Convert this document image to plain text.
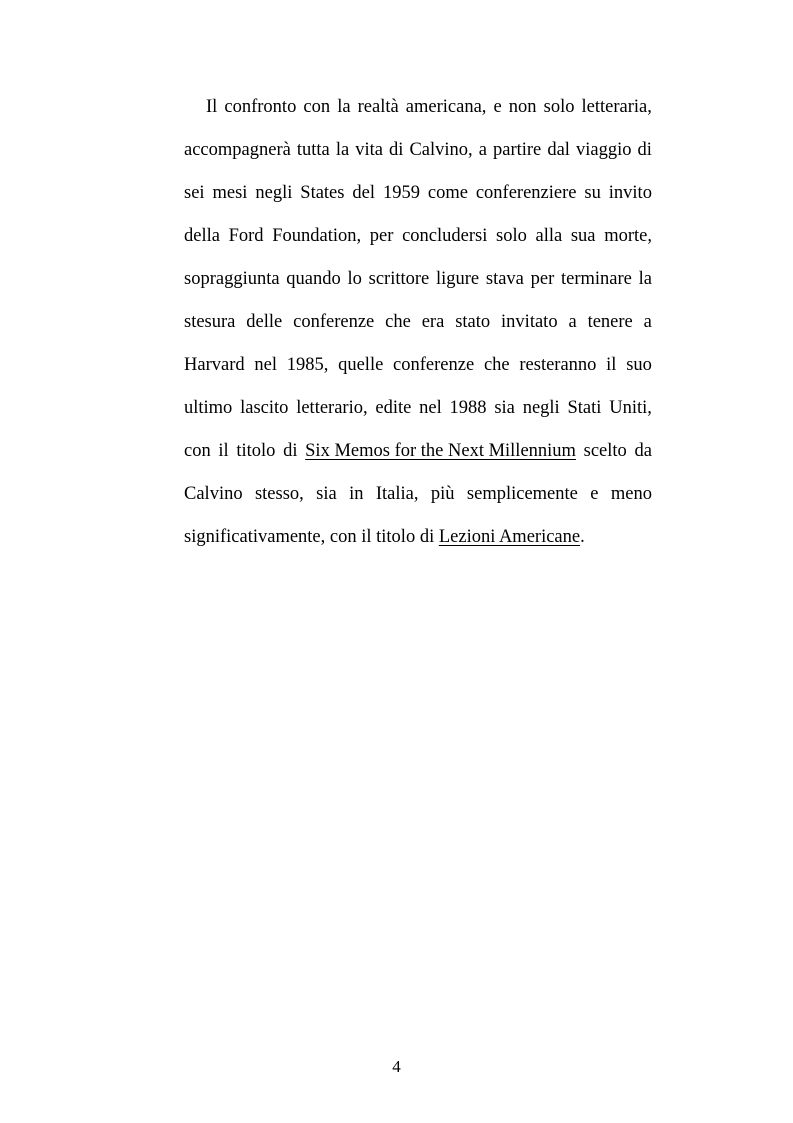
Il confronto con la realtà americana, e non solo letteraria,
accompagnerà tutta la vita di Calvino, a partire dal viaggio di
sei mesi negli States del 1959 come conferenziere su invito
della Ford Foundation, per concludersi solo alla sua morte,
sopraggiunta quando lo scrittore ligure stava per terminare la
stesura delle conferenze che era stato invitato a tenere a
Harvard nel 1985, quelle conferenze che resteranno il suo
ultimo lascito letterario, edite nel 1988 sia negli Stati Uniti,
con il titolo di Six Memos for the Next Millennium scelto da
Calvino stesso, sia in Italia, più semplicemente e meno
significativamente, con il titolo di
Lezioni Americane .
4
